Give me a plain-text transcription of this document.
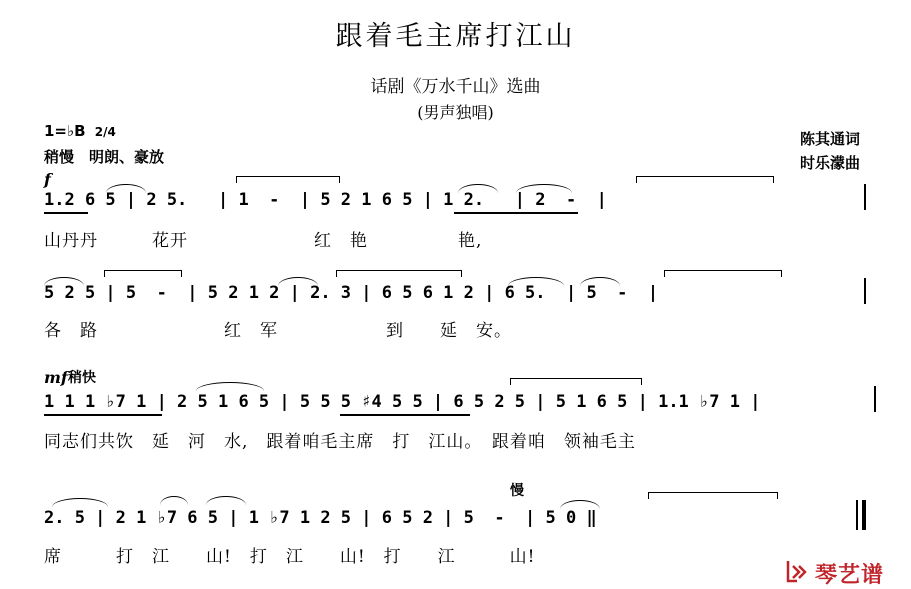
跟着毛主席打江山
话剧《万水千山》选曲
(男声独唱)
1=♭B 2/4
稍慢　明朗、豪放
陈其通词
时乐濛曲
f
1.2 6 5 | 2 5.   | 1  -  | 5 2 1 6 5 | 1 2.   | 2  -  |
山丹丹　　　花开　　　　　　　红　艳　　　　　艳,
5 2 5 | 5  -  | 5 2 1 2 | 2. 3 | 6 5 6 1 2 | 6 5.  | 5  -  |
各　路　　　　　　　红　军　　　　　　到　　延　安。
mf 稍快
1 1 1 ♭7 1 | 2 5 1 6 5 | 5 5 5 ♯4 5 5 | 6 5 2 5 | 5 1 6 5 | 1.1 ♭7 1 |
同志们共饮　延　河　水,　跟着咱毛主席　打　江山。　跟着咱　领袖毛主
慢
2. 5 | 2 1 ♭7 6 5 | 1 ♭7 1 2 5 | 6 5 2 | 5  -  | 5 0 ‖
席　　　打　江　　山!　打　江　　山!　打　　江　　　山!
琴艺谱
